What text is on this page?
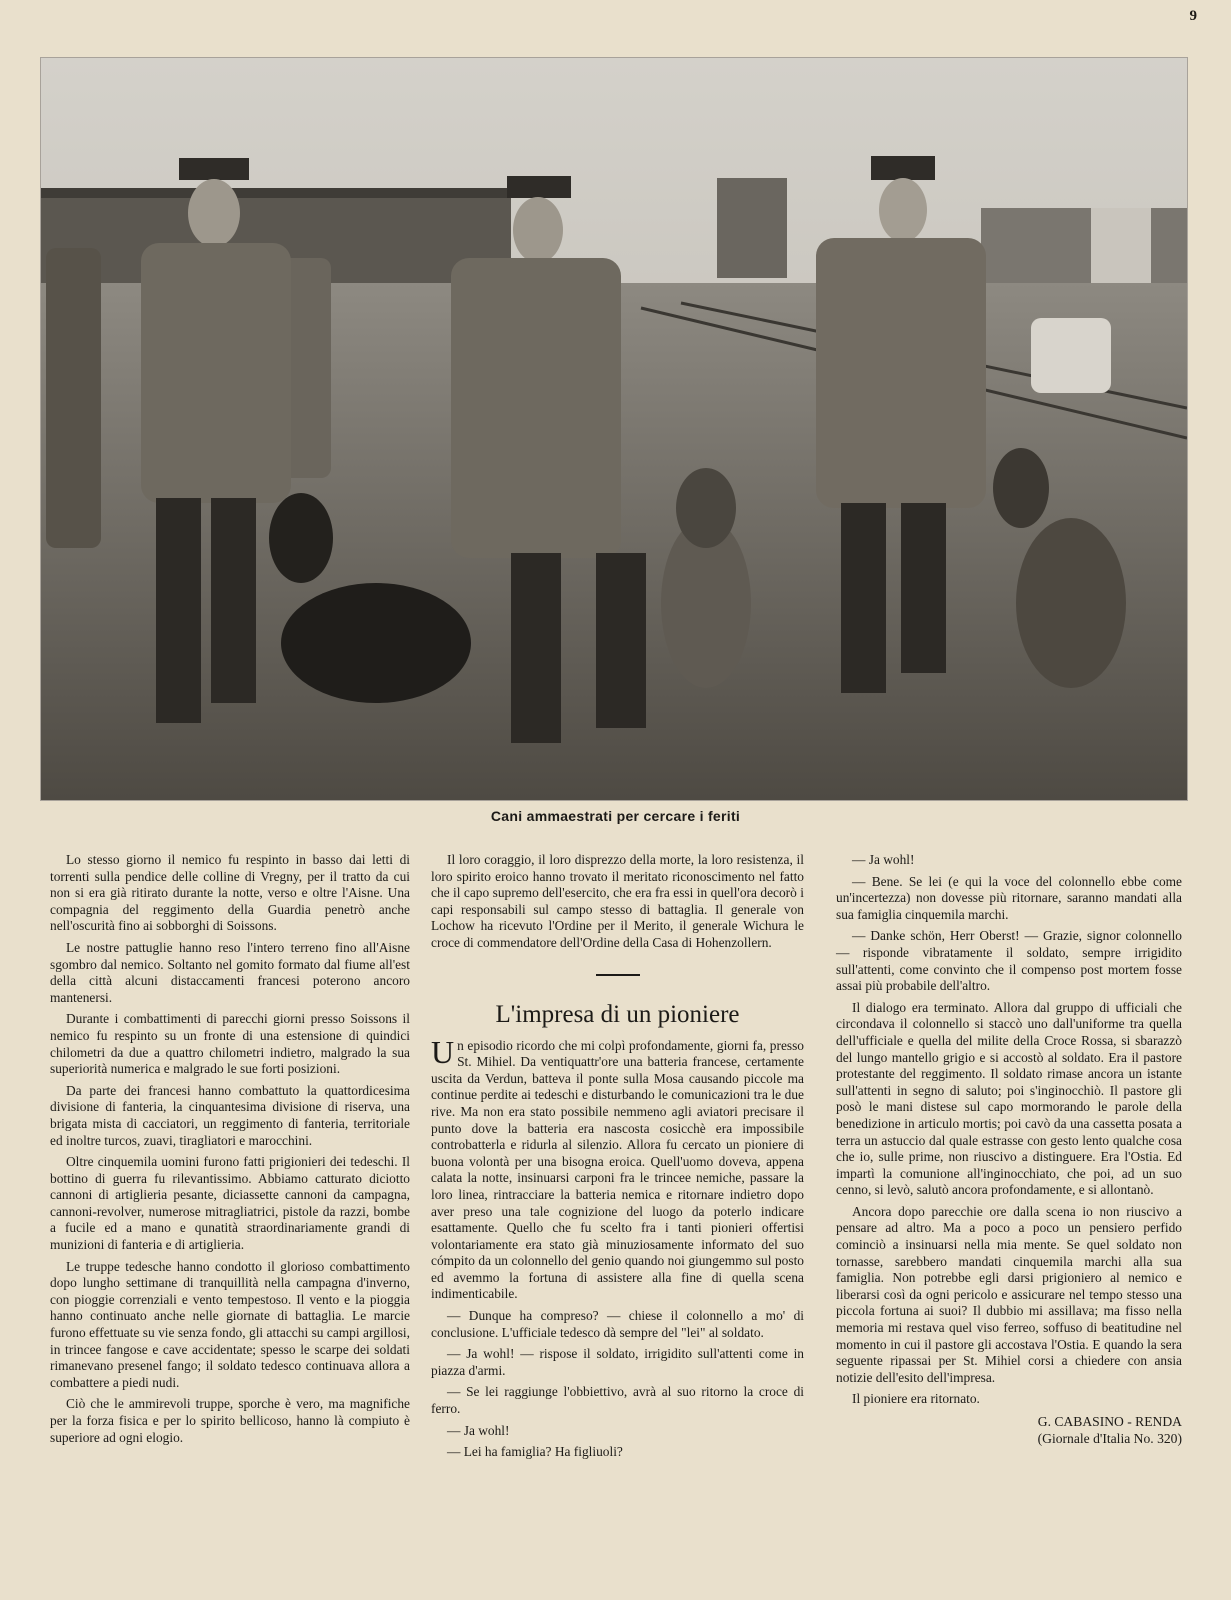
9
Cani ammaestrati per cercare i feriti

Lo stesso giorno il nemico fu respinto in basso dai letti di torrenti sulla pendice delle colline di Vregny, per il tratto da cui non si era già ritirato durante la notte, verso e oltre l'Aisne. Una compagnia del reggimento della Guardia penetrò anche nell'oscurità fino ai sobborghi di Soissons.

Le nostre pattuglie hanno reso l'intero terreno fino all'Aisne sgombro dal nemico. Soltanto nel gomito formato dal fiume all'est della città alcuni distaccamenti francesi poterono ancoro mantenersi.

Durante i combattimenti di parecchi giorni presso Soissons il nemico fu respinto su un fronte di una estensione di quindici chilometri da due a quattro chilometri indietro, malgrado la sua superiorità numerica e malgrado le sue forti posizioni.

Da parte dei francesi hanno combattuto la quattordicesima divisione di fanteria, la cinquantesima divisione di riserva, una brigata mista di cacciatori, un reggimento di fanteria, territoriale ed inoltre turcos, zuavi, tiragliatori e marocchini.

Oltre cinquemila uomini furono fatti prigionieri dei tedeschi. Il bottino di guerra fu rilevantissimo. Abbiamo catturato diciotto cannoni di artiglieria pesante, diciassette cannoni da campagna, cannoni-revolver, numerose mitragliatrici, pistole da razzi, bombe a fucile ed a mano e qunatità straordinariamente grandi di munizioni di fanteria e di artiglieria.

Le truppe tedesche hanno condotto il glorioso combattimento dopo lungho settimane di tranquillità nella campagna d'inverno, con pioggie correnziali e vento tempestoso. Il vento e la pioggia hanno continuato anche nelle giornate di battaglia. Le marcie furono effettuate su vie senza fondo, gli attacchi su campi argillosi, in trincee fangose e cave accidentate; spesso le scarpe dei soldati rimanevano presenel fango; il soldato tedesco continuava allora a combattere a piedi nudi.

Ciò che le ammirevoli truppe, sporche è vero, ma magnifiche per la forza fisica e per lo spirito bellicoso, hanno là compiuto è superiore ad ogni elogio.

Il loro coraggio, il loro disprezzo della morte, la loro resistenza, il loro spirito eroico hanno trovato il meritato riconoscimento nel fatto che il capo supremo dell'esercito, che era fra essi in quell'ora decorò i capi responsabili sul campo stesso di battaglia. Il generale von Lochow ha ricevuto l'Ordine per il Merito, il generale Wichura le croce di commendatore dell'Ordine della Casa di Hohenzollern.

L'impresa di un pioniere

Un episodio ricordo che mi colpì profondamente, giorni fa, presso St. Mihiel. Da ventiquattr'ore una batteria francese, certamente uscita da Verdun, batteva il ponte sulla Mosa causando piccole ma continue perdite ai tedeschi e disturbando le comunicazioni tra le due rive. Ma non era stato possibile nemmeno agli aviatori precisare il punto dove la batteria era nascosta cosicchè era impossibile controbatterla e ridurla al silenzio. Allora fu cercato un pioniere di buona volontà per una bisogna eroica. Quell'uomo doveva, appena calata la notte, insinuarsi carponi fra le trincee nemiche, passare la loro linea, rintracciare la batteria nemica e ritornare indietro dopo aver preso una tale cognizione del luogo da poterlo indicare esattamente. Quello che fu scelto fra i tanti pionieri offertisi volontariamente era stato già minuziosamente informato del suo cómpito da un colonnello del genio quando noi giungemmo sul posto ed avemmo la fortuna di assistere alla fine di quella scena indimenticabile.

— Dunque ha compreso? — chiese il colonnello a mo' di conclusione. L'ufficiale tedesco dà sempre del "lei" al soldato.

— Ja wohl! — rispose il soldato, irrigidito sull'attenti come in piazza d'armi.

— Se lei raggiunge l'obbiettivo, avrà al suo ritorno la croce di ferro.

— Ja wohl!

— Lei ha famiglia? Ha figliuoli?

— Ja wohl!

— Bene. Se lei (e qui la voce del colonnello ebbe come un'incertezza) non dovesse più ritornare, saranno mandati alla sua famiglia cinquemila marchi.

— Danke schön, Herr Oberst! — Grazie, signor colonnello — risponde vibratamente il soldato, sempre irrigidito sull'attenti, come convinto che il compenso post mortem fosse assai più probabile dell'altro.

Il dialogo era terminato. Allora dal gruppo di ufficiali che circondava il colonnello si staccò uno dall'uniforme tra quella dell'ufficiale e quella del milite della Croce Rossa, si sbarazzò del lungo mantello grigio e si accostò al soldato. Era il pastore protestante del reggimento. Il soldato rimase ancora un istante sull'attenti in segno di saluto; poi s'inginocchiò. Il pastore gli posò le mani distese sul capo mormorando le parole della benedizione in articulo mortis; poi cavò da una cassetta posata a terra un astuccio dal quale estrasse con gesto lento qualche cosa che io, sulle prime, non riuscivo a distinguere. Era l'Ostia. Ed impartì la comunione all'inginocchiato, che poi, ad un suo cenno, si levò, salutò ancora profondamente, e si allontanò.

Ancora dopo parecchie ore dalla scena io non riuscivo a pensare ad altro. Ma a poco a poco un pensiero perfido cominciò a insinuarsi nella mia mente. Se quel soldato non tornasse, sarebbero mandati cinquemila marchi alla sua famiglia. Non potrebbe egli darsi prigioniero al nemico e liberarsi così da ogni pericolo e assicurare nel tempo stesso una piccola fortuna ai suoi? Il dubbio mi assillava; ma fisso nella memoria mi restava quel viso ferreo, soffuso di beatitudine nel momento in cui il pastore gli accostava l'Ostia. E quando la sera seguente ripassai per St. Mihiel corsi a chiedere con ansia notizie dell'esito dell'impresa.

Il pioniere era ritornato.

G. CABASINO - RENDA
(Giornale d'Italia No. 320)
